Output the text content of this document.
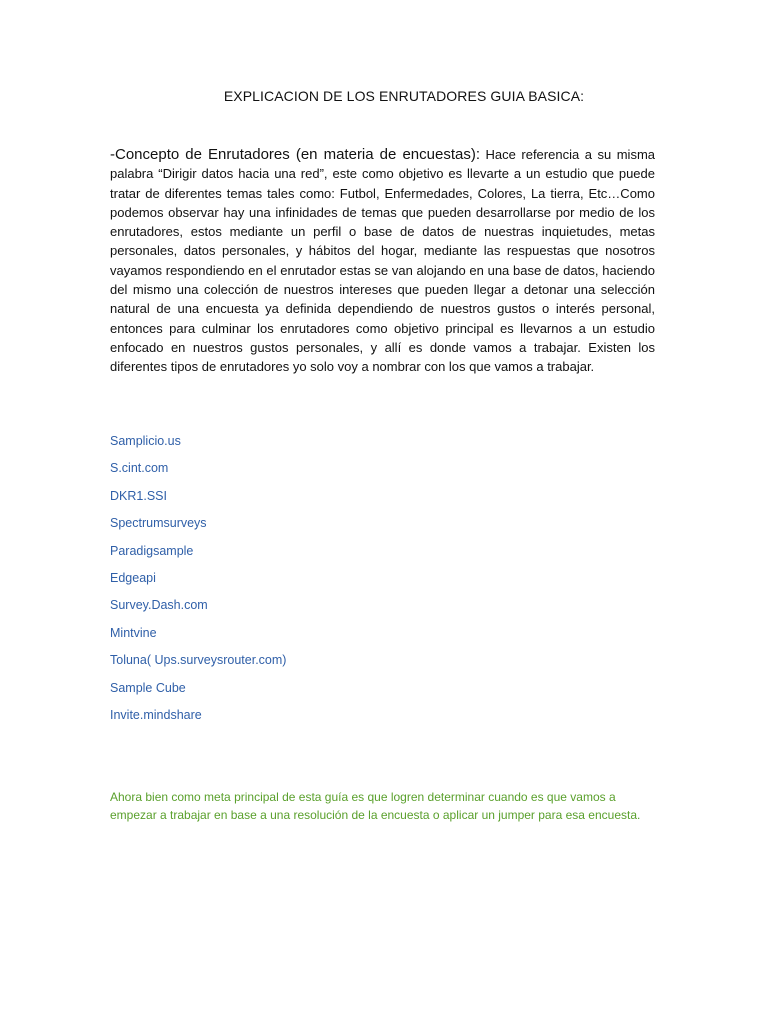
EXPLICACION DE LOS ENRUTADORES GUIA BASICA:

-Concepto de Enrutadores (en materia de encuestas): Hace referencia a su misma palabra “Dirigir datos hacia una red”, este como objetivo es llevarte a un estudio que puede tratar de diferentes temas tales como: Futbol, Enfermedades, Colores, La tierra, Etc…Como podemos observar hay una infinidades de temas que pueden desarrollarse por medio de los enrutadores, estos mediante un perfil o base de datos de nuestras inquietudes, metas personales, datos personales, y hábitos del hogar, mediante las respuestas que nosotros vayamos respondiendo en el enrutador estas se van alojando en una base de datos, haciendo del mismo una colección de nuestros intereses que pueden llegar a detonar una selección natural de una encuesta ya definida dependiendo de nuestros gustos o interés personal, entonces para culminar los enrutadores como objetivo principal es llevarnos a un estudio enfocado en nuestros gustos personales, y allí es donde vamos a trabajar. Existen los diferentes tipos de enrutadores yo solo voy a nombrar con los que vamos a trabajar.

Samplicio.us
S.cint.com
DKR1.SSI
Spectrumsurveys
Paradigsample
Edgeapi
Survey.Dash.com
Mintvine
Toluna( Ups.surveysrouter.com)
Sample Cube
Invite.mindshare

Ahora bien como meta principal de esta guía es que logren determinar cuando es que vamos a empezar a trabajar en base a una resolución de la encuesta o aplicar un jumper para esa encuesta.
